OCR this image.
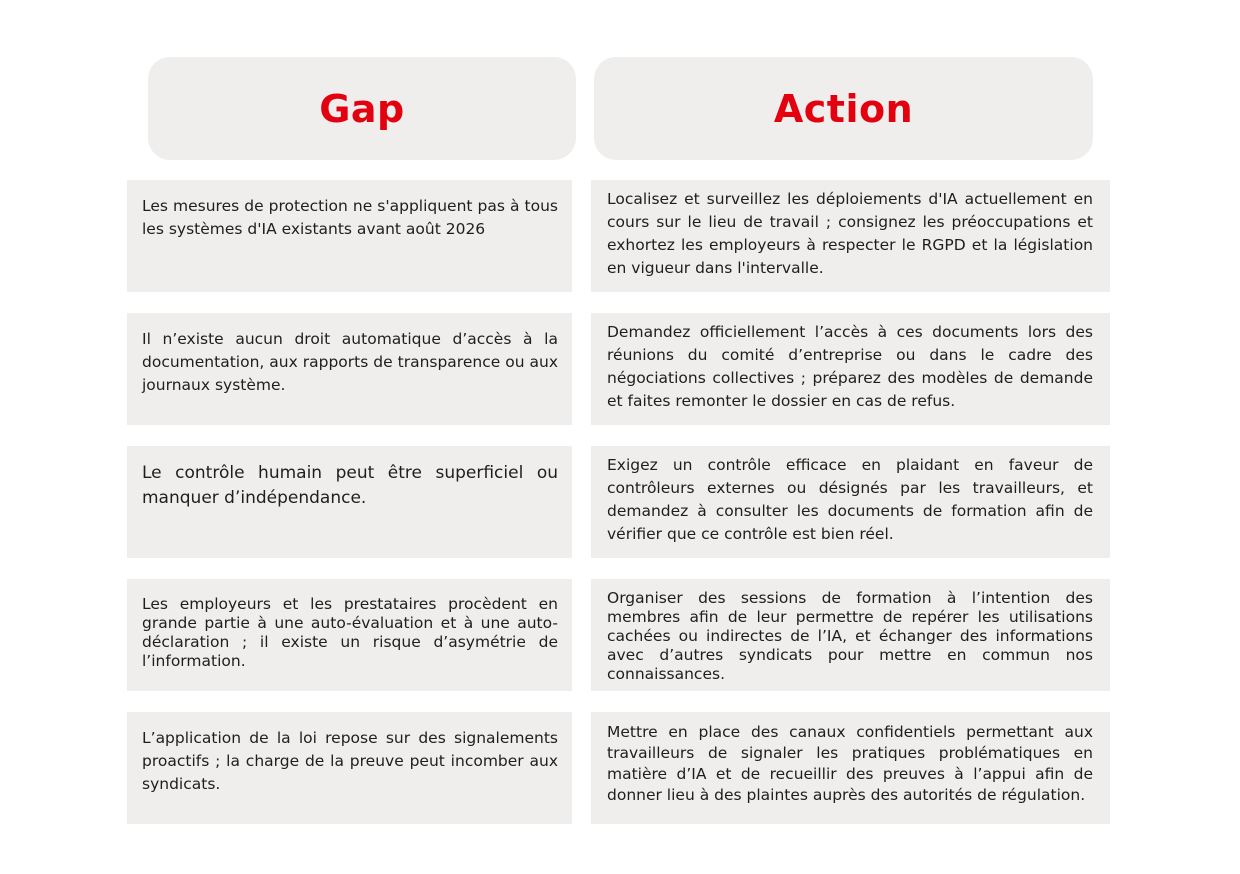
Gap	Action
Les mesures de protection ne s'appliquent pas à tous les systèmes d'IA existants avant août 2026
Localisez et surveillez les déploiements d'IA actuellement en cours sur le lieu de travail ; consignez les préoccupations et exhortez les employeurs à respecter le RGPD et la législation en vigueur dans l'intervalle.
Il n’existe aucun droit automatique d’accès à la documentation, aux rapports de transparence ou aux journaux système.
Demandez officiellement l’accès à ces documents lors des réunions du comité d’entreprise ou dans le cadre des négociations collectives ; préparez des modèles de demande et faites remonter le dossier en cas de refus.
Le contrôle humain peut être superficiel ou manquer d’indépendance.
Exigez un contrôle efficace en plaidant en faveur de contrôleurs externes ou désignés par les travailleurs, et demandez à consulter les documents de formation afin de vérifier que ce contrôle est bien réel.
Les employeurs et les prestataires procèdent en grande partie à une auto-évaluation et à une auto-déclaration ; il existe un risque d’asymétrie de l’information.
Organiser des sessions de formation à l’intention des membres afin de leur permettre de repérer les utilisations cachées ou indirectes de l’IA, et échanger des informations avec d’autres syndicats pour mettre en commun nos connaissances.
L’application de la loi repose sur des signalements proactifs ; la charge de la preuve peut incomber aux syndicats.
Mettre en place des canaux confidentiels permettant aux travailleurs de signaler les pratiques problématiques en matière d’IA et de recueillir des preuves à l’appui afin de donner lieu à des plaintes auprès des autorités de régulation.
